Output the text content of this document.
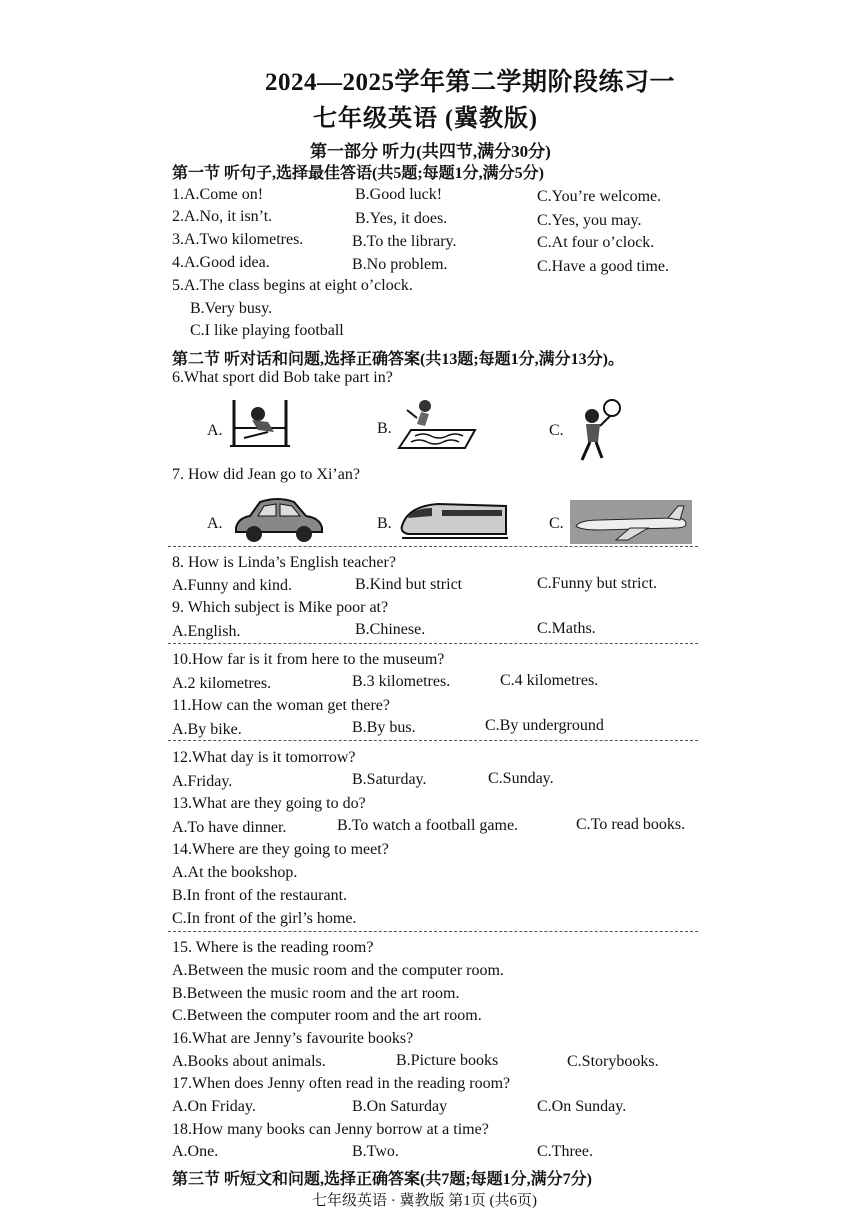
2024—2025学年第二学期阶段练习一
七年级英语 (冀教版)
第一部分 听力(共四节,满分30分)
第一节 听句子,选择最佳答语(共5题;每题1分,满分5分)
1.A.Come on!	B.Good luck!	C.You’re welcome.
2.A.No, it isn’t.	B.Yes, it does.	C.Yes, you may.
3.A.Two kilometres.	B.To the library.	C.At four o’clock.
4.A.Good idea.	B.No problem.	C.Have a good time.
5.A.The class begins at eight o’clock.
B.Very busy.
C.I like playing football
第二节 听对话和问题,选择正确答案(共13题;每题1分,满分13分)。
6.What sport did Bob take part in?
A.	B.	C.
7. How did Jean go to Xi’an?
A.	B.	C.
8. How is Linda’s English teacher?
A.Funny and kind.	B.Kind but strict	C.Funny but strict.
9. Which subject is Mike poor at?
A.English.	B.Chinese.	C.Maths.
10.How far is it from here to the museum?
A.2 kilometres.	B.3 kilometres.	C.4 kilometres.
11.How can the woman get there?
A.By bike.	B.By bus.	C.By underground
12.What day is it tomorrow?
A.Friday.	B.Saturday.	C.Sunday.
13.What are they going to do?
A.To have dinner.	B.To watch a football game.	C.To read books.
14.Where are they going to meet?
A.At the bookshop.
B.In front of the restaurant.
C.In front of the girl’s home.
15. Where is the reading room?
A.Between the music room and the computer room.
B.Between the music room and the art room.
C.Between the computer room and the art room.
16.What are Jenny’s favourite books?
A.Books about animals.	B.Picture books	C.Storybooks.
17.When does Jenny often read in the reading room?
A.On Friday.	B.On Saturday	C.On Sunday.
18.How many books can Jenny borrow at a time?
A.One.	B.Two.	C.Three.
第三节 听短文和问题,选择正确答案(共7题;每题1分,满分7分)
七年级英语 · 冀教版 第1页 (共6页)
